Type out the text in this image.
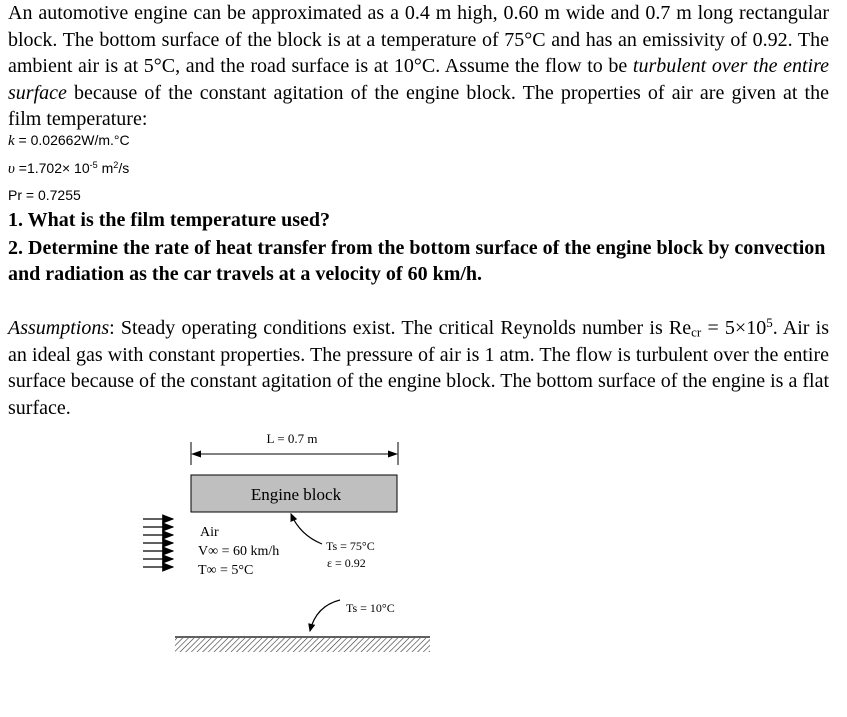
An automotive engine can be approximated as a 0.4 m high, 0.60 m wide and 0.7 m long rectangular block. The bottom surface of the block is at a temperature of 75°C and has an emissivity of 0.92. The ambient air is at 5°C, and the road surface is at 10°C. Assume the flow to be turbulent over the entire surface because of the constant agitation of the engine block. The properties of air are given at the film temperature:

k = 0.02662W/m.°C
$\upsilon =1.702\times 10^{-5}$ $m^2/s$
Pr = 0.7255

1. What is the film temperature used?

2. Determine the rate of heat transfer from the bottom surface of the engine block by convection and radiation as the car travels at a velocity of 60 km/h.

Assumptions: Steady operating conditions exist. The critical Reynolds number is $Re_{cr} = 5\times 10^5$. Air is an ideal gas with constant properties. The pressure of air is 1 atm. The flow is turbulent over the entire surface because of the constant agitation of the engine block. The bottom surface of the engine is a flat surface.

L = 0.7 m
Engine block
Air
V∞ = 60 km/h
T∞ = 5°C
Ts = 75°C
ε = 0.92
Ts = 10°C
